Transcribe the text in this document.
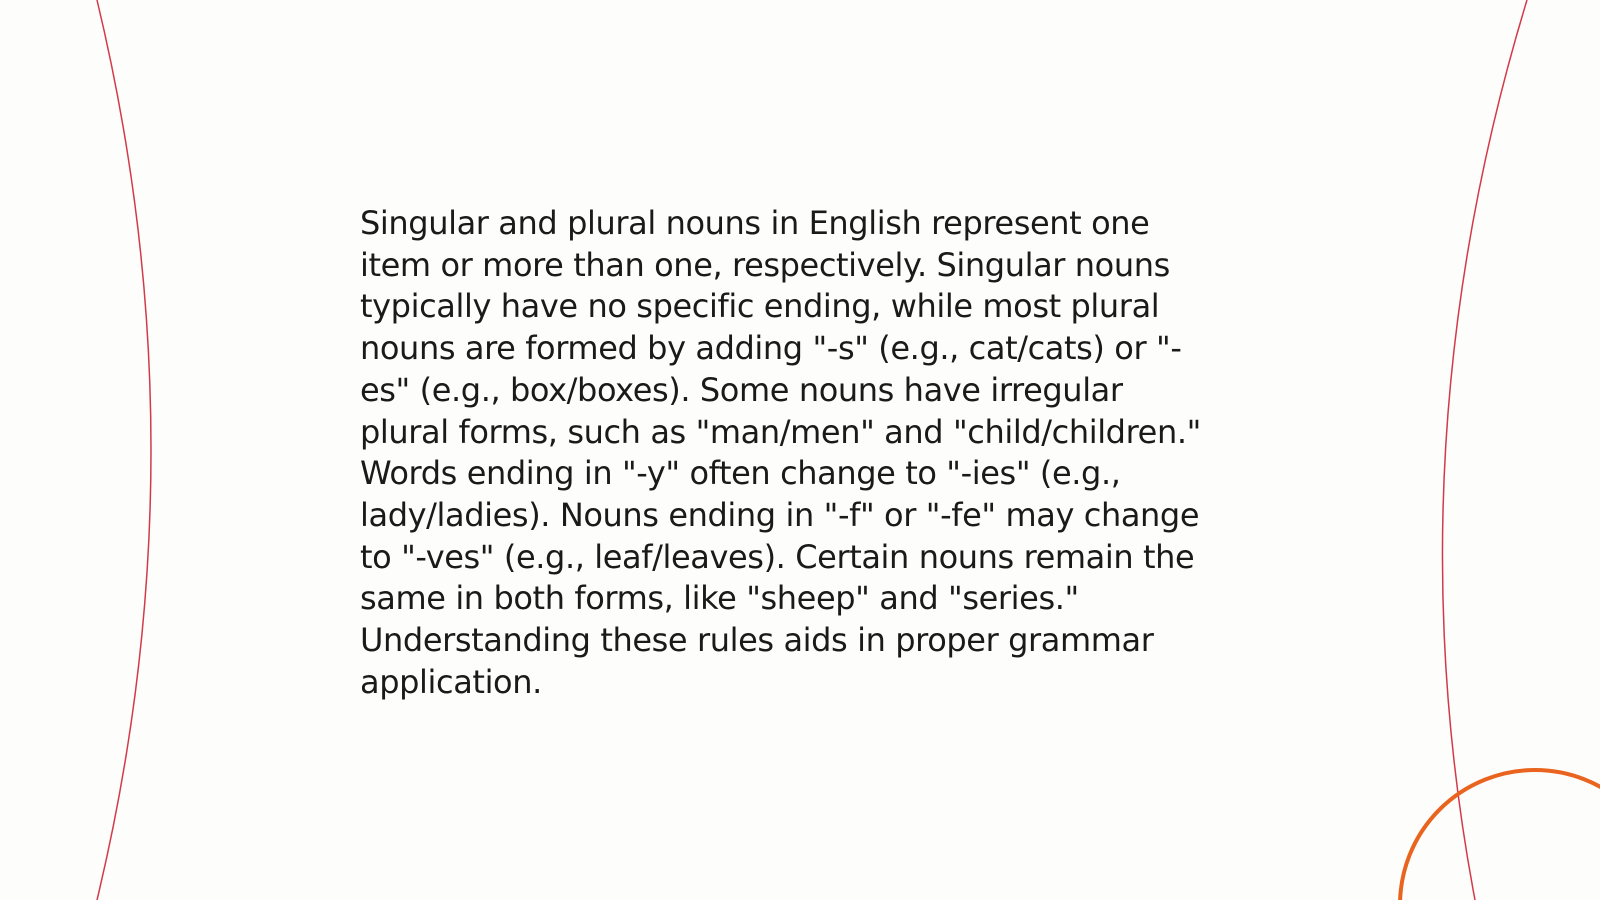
Singular and plural nouns in English represent one
item or more than one, respectively. Singular nouns
typically have no specific ending, while most plural
nouns are formed by adding "-s" (e.g., cat/cats) or "-
es" (e.g., box/boxes). Some nouns have irregular
plural forms, such as "man/men" and "child/children."
Words ending in "-y" often change to "-ies" (e.g.,
lady/ladies). Nouns ending in "-f" or "-fe" may change
to "-ves" (e.g., leaf/leaves). Certain nouns remain the
same in both forms, like "sheep" and "series."
Understanding these rules aids in proper grammar
application.
